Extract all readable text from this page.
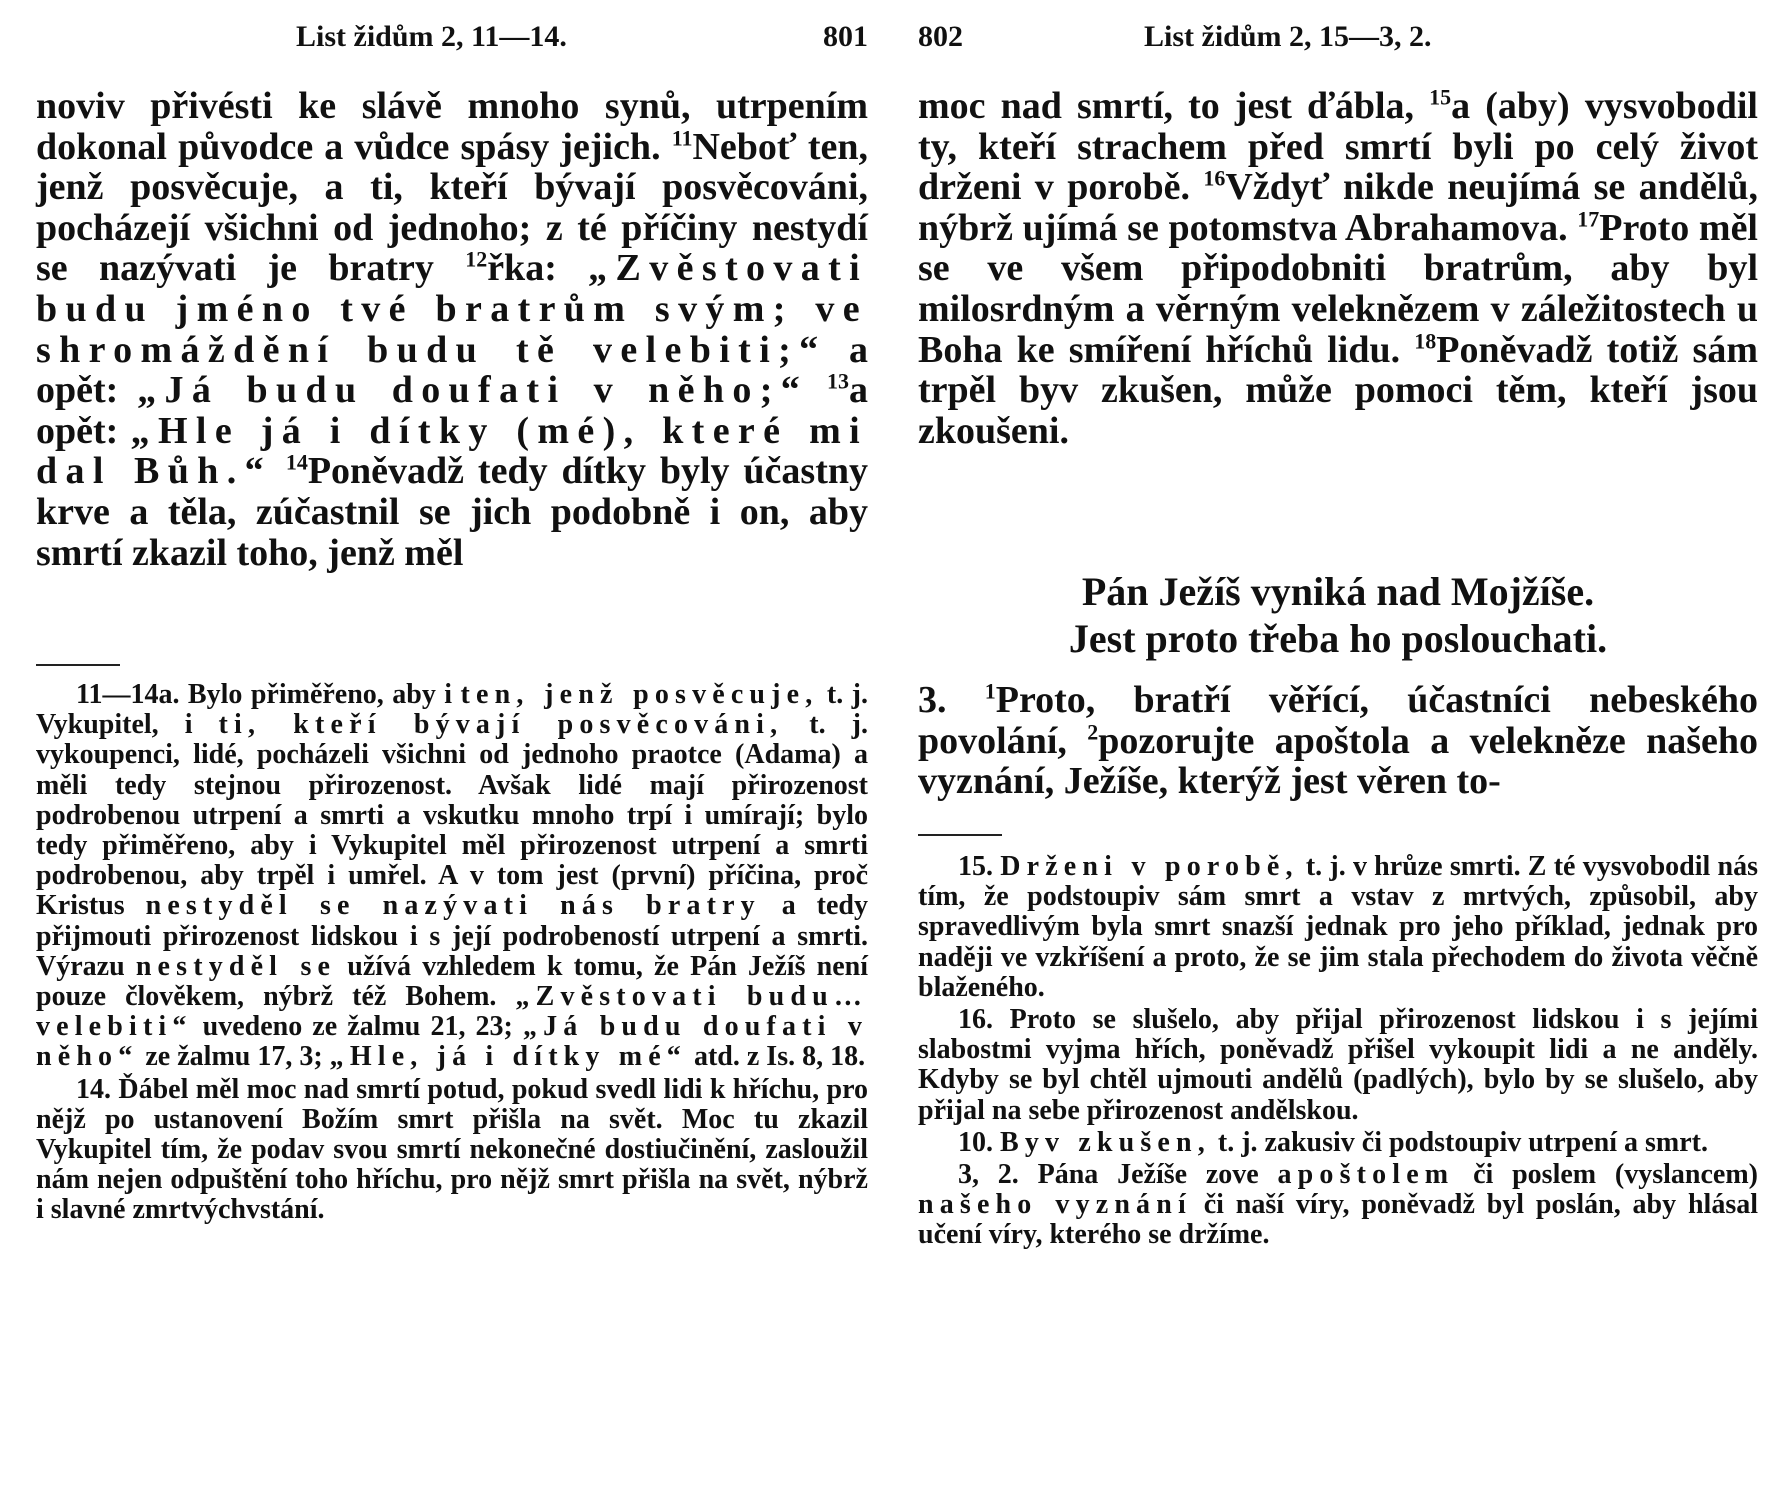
List židům 2, 11—14.	801

noviv přivésti ke slávě mnoho synů, utrpením dokonal původce a vůdce spásy jejich. $^{11}$Neboť ten, jenž posvěcuje, a ti, kteří bývají posvěcováni, pocházejí všichni od jednoho; z té příčiny nestydí se nazývati je bratry $^{12}$řka: „Zvěstovati budu jméno tvé bratrům svým; ve shromáždění budu tě velebiti;“ a opět: „Já budu doufati v něho;“ $^{13}$a opět: „Hle já i dítky (mé), které mi dal Bůh.“ $^{14}$Poněvadž tedy dítky byly účastny krve a těla, zúčastnil se jich podobně i on, aby smrtí zkazil toho, jenž měl

11—14a. Bylo přiměřeno, aby i ten, jenž posvěcuje, t. j. Vykupitel, i ti, kteří bývají posvěcováni, t. j. vykoupenci, lidé, pocházeli všichni od jednoho praotce (Adama) a měli tedy stejnou přirozenost. Avšak lidé mají přirozenost podrobenou utrpení a smrti a vskutku mnoho trpí i umírají; bylo tedy přiměřeno, aby i Vykupitel měl přirozenost utrpení a smrti podrobenou, aby trpěl i umřel. A v tom jest (první) příčina, proč Kristus nestyděl se nazývati nás bratry a tedy přijmouti přirozenost lidskou i s její podrobeností utrpení a smrti. Výrazu nestyděl se užívá vzhledem k tomu, že Pán Ježíš není pouze člověkem, nýbrž též Bohem. „Zvěstovati budu… velebiti“ uvedeno ze žalmu 21, 23; „Já budu doufati v něho“ ze žalmu 17, 3; „Hle, já i dítky mé“ atd. z Is. 8, 18.

14. Ďábel měl moc nad smrtí potud, pokud svedl lidi k hříchu, pro nějž po ustanovení Božím smrt přišla na svět. Moc tu zkazil Vykupitel tím, že podav svou smrtí nekonečné dostiučinění, zasloužil nám nejen odpuštění toho hříchu, pro nějž smrt přišla na svět, nýbrž i slavné zmrtvýchvstání.

802	List židům 2, 15—3, 2.

moc nad smrtí, to jest ďábla, $^{15}$a (aby) vysvobodil ty, kteří strachem před smrtí byli po celý život drženi v porobě. $^{16}$Vždyť nikde neujímá se andělů, nýbrž ujímá se potomstva Abrahamova. $^{17}$Proto měl se ve všem připodobniti bratrům, aby byl milosrdným a věrným veleknězem v záležitostech u Boha ke smíření hříchů lidu. $^{18}$Poněvadž totiž sám trpěl byv zkušen, může pomoci těm, kteří jsou zkoušeni.

Pán Ježíš vyniká nad Mojžíše.
Jest proto třeba ho poslouchati.

3. $^1$Proto, bratří věřící, účastníci nebeského povolání, $^2$pozorujte apoštola a velekněze našeho vyznání, Ježíše, kterýž jest věren to-

15. Drženi v porobě, t. j. v hrůze smrti. Z té vysvobodil nás tím, že podstoupiv sám smrt a vstav z mrtvých, způsobil, aby spravedlivým byla smrt snazší jednak pro jeho příklad, jednak pro naději ve vzkříšení a proto, že se jim stala přechodem do života věčně blaženého.

16. Proto se slušelo, aby přijal přirozenost lidskou i s jejími slabostmi vyjma hřích, poněvadž přišel vykoupit lidi a ne anděly. Kdyby se byl chtěl ujmouti andělů (padlých), bylo by se slušelo, aby přijal na sebe přirozenost andělskou.

10. Byv zkušen, t. j. zakusiv či podstoupiv utrpení a smrt.

3, 2. Pána Ježíše zove apoštolem či poslem (vyslancem) našeho vyznání či naší víry, poněvadž byl poslán, aby hlásal učení víry, kterého se držíme.
